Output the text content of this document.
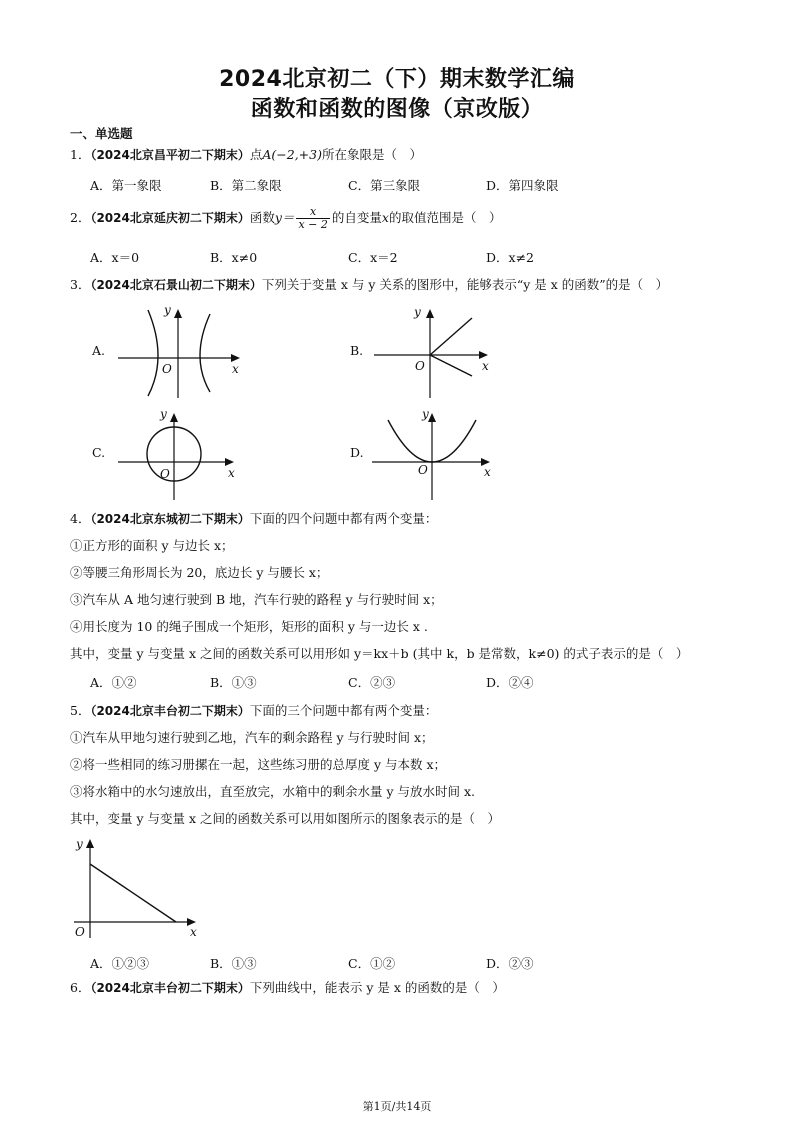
2024北京初二（下）期末数学汇编
函数和函数的图像（京改版）
一、单选题
1．（2024北京昌平初二下期末）点A(−2,+3)所在象限是（　）
A．第一象限	B．第二象限	C．第三象限	D．第四象限
2．（2024北京延庆初二下期末）函数$y= \frac{x}{x - 2}$ 的自变量x的取值范围是（　）
A．x＝0	B．x≠0	C．x＝2	D．x≠2
3．（2024北京石景山初二下期末）下列关于变量 x 与 y 关系的图形中，能够表示“y 是 x 的函数”的是（　）
A.
O	x
y
B.
O	x
y
C.
O	x
y
D.
O	x
y
4．（2024北京东城初二下期末）下面的四个问题中都有两个变量：
①正方形的面积 y 与边长 x；
②等腰三角形周长为 20，底边长 y 与腰长 x；
③汽车从 A 地匀速行驶到 B 地，汽车行驶的路程 y 与行驶时间 x；
④用长度为 10 的绳子围成一个矩形，矩形的面积 y 与一边长 x .
其中，变量 y 与变量 x 之间的函数关系可以用形如 y＝kx＋b (其中 k，b 是常数，k≠0) 的式子表示的是（　）
A．①②	B．①③	C．②③	D．②④
5．（2024北京丰台初二下期末）下面的三个问题中都有两个变量：
①汽车从甲地匀速行驶到乙地，汽车的剩余路程 y 与行驶时间 x；
②将一些相同的练习册摞在一起，这些练习册的总厚度 y 与本数 x；
③将水箱中的水匀速放出，直至放完，水箱中的剩余水量 y 与放水时间 x.
其中，变量 y 与变量 x 之间的函数关系可以用如图所示的图象表示的是（　）
O	x
y
A．①②③	B．①③	C．①②	D．②③
6．（2024北京丰台初二下期末）下列曲线中，能表示 y 是 x 的函数的是（　）
第1页/共14页
